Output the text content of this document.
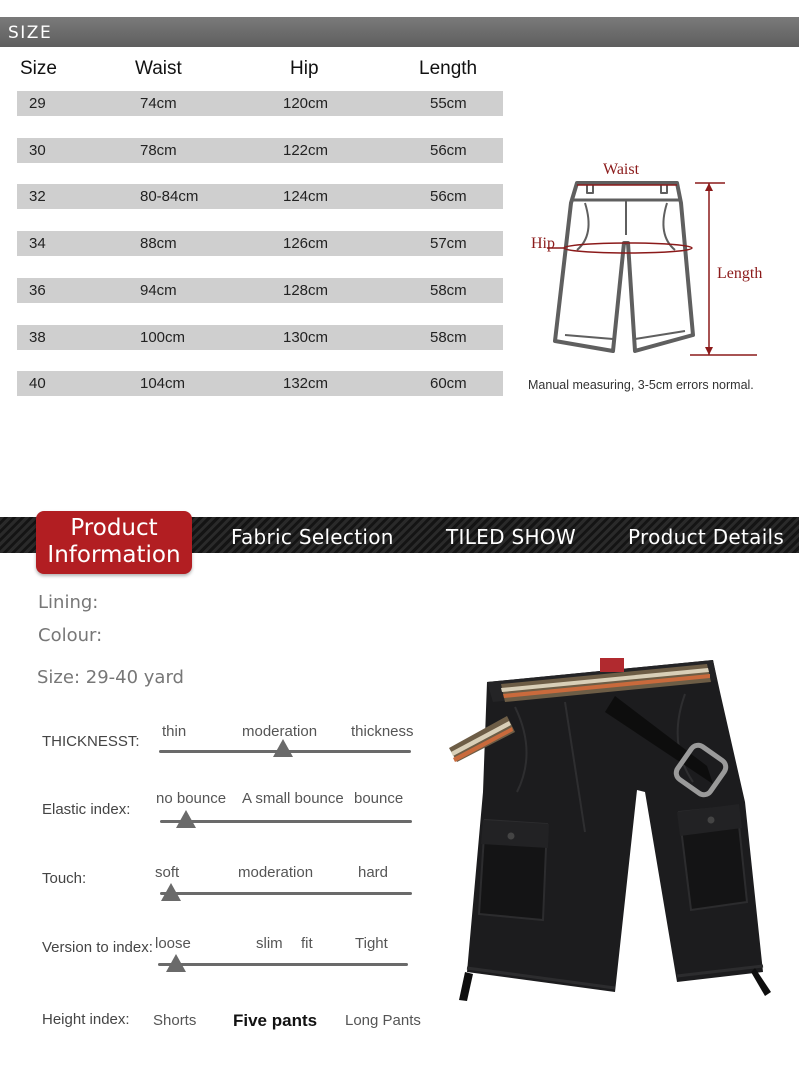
SIZE
Size	Waist	Hip	Length
29	74cm	120cm	55cm
30	78cm	122cm	56cm
32	80-84cm	124cm	56cm
34	88cm	126cm	57cm
36	94cm	128cm	58cm
38	100cm	130cm	58cm
40	104cm	132cm	60cm
Waist
Hip
Length
Manual measuring, 3-5cm errors normal.
Fabric Selection	TILED SHOW	Product Details
Product
Information
Lining:
Colour:
Size: 29-40 yard
THICKNESST:
thin	moderation thickness
Elastic index:
no bounce A small bounce bounce
Touch:	soft	moderation	hard
Version to index: loose	slim fit	Tight
Height index: Shorts Five pants Long Pants
